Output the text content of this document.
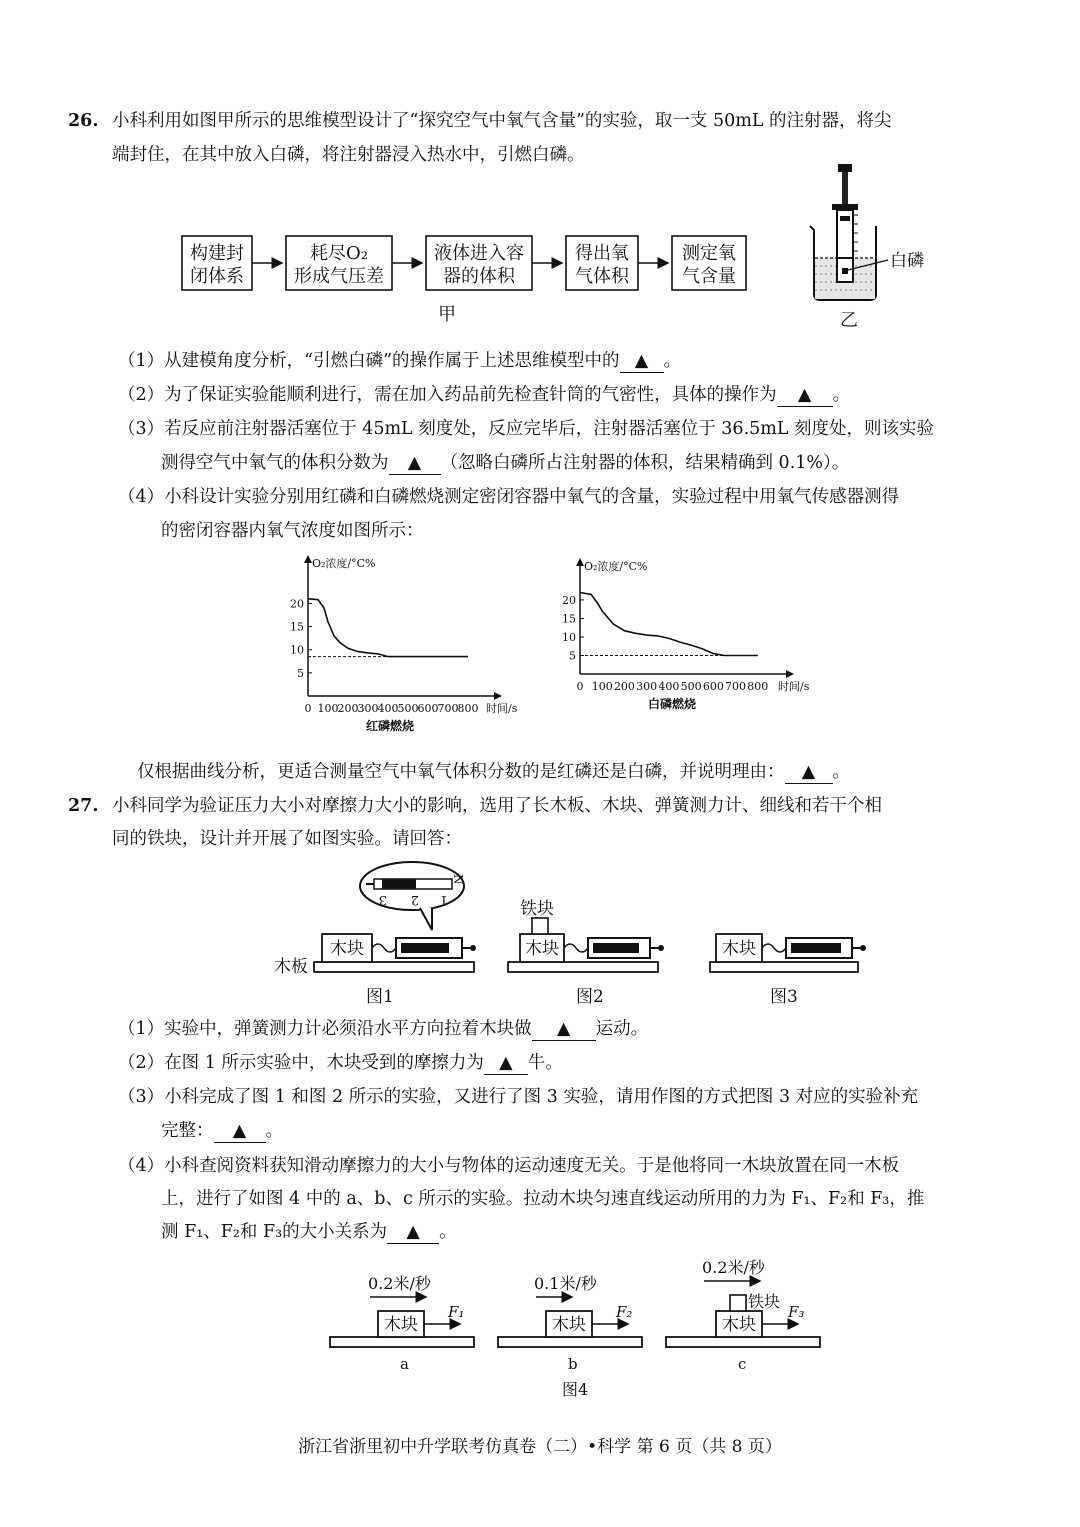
26. 小科利用如图甲所示的思维模型设计了“探究空气中氧气含量”的实验，取一支 50mL 的注射器，将尖
端封住，在其中放入白磷，将注射器浸入热水中，引燃白磷。
构建封
闭体系
耗尽O₂
形成气压差
液体进入容
器的体积
得出氧
气体积
测定氧
气含量
甲
白磷
乙
（1）从建模角度分析，“引燃白磷”的操作属于上述思维模型中的 ▲ 。
（2）为了保证实验能顺利进行，需在加入药品前先检查针筒的气密性，具体的操作为 ▲ 。
（3）若反应前注射器活塞位于 45mL 刻度处，反应完毕后，注射器活塞位于 36.5mL 刻度处，则该实验
测得空气中氧气的体积分数为 ▲ （忽略白磷所占注射器的体积，结果精确到 0.1%）。
（4）小科设计实验分别用红磷和白磷燃烧测定密闭容器中氧气的含量，实验过程中用氧气传感器测得
的密闭容器内氧气浓度如图所示：
O₂浓度/°C%
5
10
15
20
0 100 200 300 400 500 600 700 800 时间/s
红磷燃烧
O₂浓度/°C%
5
10
15
20
0 100 200 300 400 500 600 700 800 时间/s
白磷燃烧
仅根据曲线分析，更适合测量空气中氧气体积分数的是红磷还是白磷，并说明理由： ▲ 。
27. 小科同学为验证压力大小对摩擦力大小的影响，选用了长木板、木块、弹簧测力计、细线和若干个相
同的铁块，设计并开展了如图实验。请回答：
3 2 1
N
木块
木板
图1
木块
铁块
图2
木块
图3
（1）实验中，弹簧测力计必须沿水平方向拉着木块做 ▲ 运动。
（2）在图 1 所示实验中，木块受到的摩擦力为 ▲ 牛。
（3）小科完成了图 1 和图 2 所示的实验，又进行了图 3 实验，请用作图的方式把图 3 对应的实验补充
完整： ▲ 。
（4）小科查阅资料获知滑动摩擦力的大小与物体的运动速度无关。于是他将同一木块放置在同一木板
上，进行了如图 4 中的 a、b、c 所示的实验。拉动木块匀速直线运动所用的力为 F₁、F₂和 F₃，推
测 F₁、F₂和 F₃的大小关系为 ▲ 。
0.2米/秒
木块
F₁
a
0.1米/秒
木块
F₂
b
0.2米/秒
木块
铁块
F₃
c
图4
浙江省浙里初中升学联考仿真卷（二）•科学 第 6 页（共 8 页）
